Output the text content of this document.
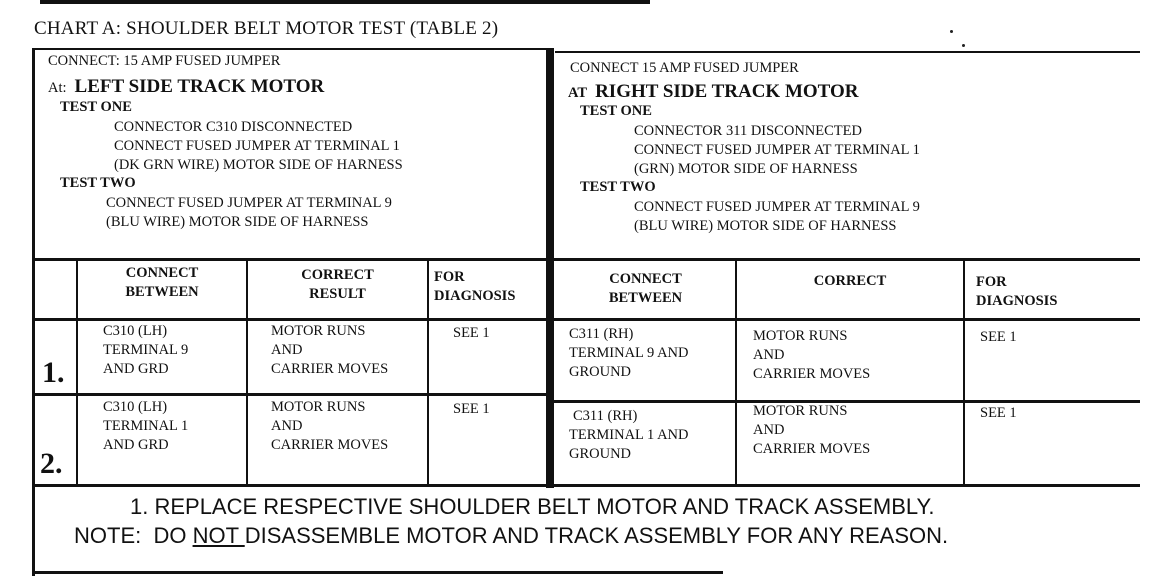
CHART A: SHOULDER BELT MOTOR TEST (TABLE 2)
CONNECT: 15 AMP FUSED JUMPER
At: LEFT SIDE TRACK MOTOR
TEST ONE
CONNECTOR C310 DISCONNECTED
CONNECT FUSED JUMPER AT TERMINAL 1
(DK GRN WIRE) MOTOR SIDE OF HARNESS
TEST TWO
CONNECT FUSED JUMPER AT TERMINAL 9
(BLU WIRE) MOTOR SIDE OF HARNESS
CONNECT 15 AMP FUSED JUMPER
AT RIGHT SIDE TRACK MOTOR
TEST ONE
CONNECTOR 311 DISCONNECTED
CONNECT FUSED JUMPER AT TERMINAL 1
(GRN) MOTOR SIDE OF HARNESS
TEST TWO
CONNECT FUSED JUMPER AT TERMINAL 9
(BLU WIRE) MOTOR SIDE OF HARNESS
CONNECT
BETWEEN
CORRECT
RESULT
FOR
DIAGNOSIS
CONNECT
BETWEEN
CORRECT	FOR
DIAGNOSIS
1.
C310 (LH)
TERMINAL 9
AND GRD
MOTOR RUNS
AND
CARRIER MOVES
SEE 1
2.
C310 (LH)
TERMINAL 1
AND GRD
MOTOR RUNS
AND
CARRIER MOVES
SEE 1
C311 (RH)
TERMINAL 9 AND
GROUND
MOTOR RUNS
AND
CARRIER MOVES
SEE 1
C311 (RH)
TERMINAL 1 AND
GROUND
MOTOR RUNS
AND
CARRIER MOVES
SEE 1
1. REPLACE RESPECTIVE SHOULDER BELT MOTOR AND TRACK ASSEMBLY.
NOTE:  DO NOT DISASSEMBLE MOTOR AND TRACK ASSEMBLY FOR ANY REASON.
